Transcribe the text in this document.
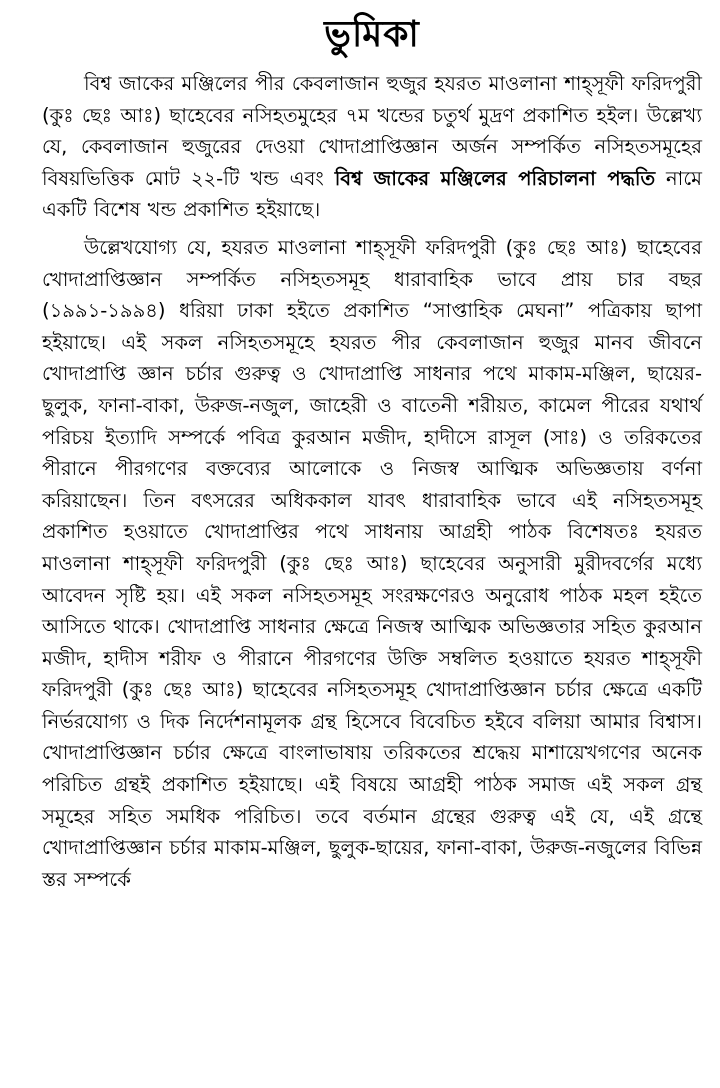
ভুমিকা

বিশ্ব জাকের মঞ্জিলের পীর কেবলাজান হুজুর হযরত মাওলানা শাহ্সূফী ফরিদপুরী (কুঃ ছেঃ আঃ) ছাহেবের নসিহতমুহের ৭ম খন্ডের চতুর্থ মুদ্রণ প্রকাশিত হইল। উল্লেখ্য যে, কেবলাজান হুজুরের দেওয়া খোদাপ্রাপ্তিজ্ঞান অর্জন সম্পর্কিত নসিহতসমূহের বিষয়ভিত্তিক মোট ২২-টি খন্ড এবং বিশ্ব জাকের মঞ্জিলের পরিচালনা পদ্ধতি নামে একটি বিশেষ খন্ড প্রকাশিত হইয়াছে।

উল্লেখযোগ্য যে, হযরত মাওলানা শাহ্সূফী ফরিদপুরী (কুঃ ছেঃ আঃ) ছাহেবের খোদাপ্রাপ্তিজ্ঞান সম্পর্কিত নসিহতসমূহ ধারাবাহিক ভাবে প্রায় চার বছর (১৯৯১-১৯৯৪) ধরিয়া ঢাকা হইতে প্রকাশিত “সাপ্তাহিক মেঘনা” পত্রিকায় ছাপা হইয়াছে। এই সকল নসিহতসমূহে হযরত পীর কেবলাজান হুজুর মানব জীবনে খোদাপ্রাপ্তি জ্ঞান চর্চার গুরুত্ব ও খোদাপ্রাপ্তি সাধনার পথে মাকাম-মঞ্জিল, ছায়ের-ছুলুক, ফানা-বাকা, উরুজ-নজুল, জাহেরী ও বাতেনী শরীয়ত, কামেল পীরের যথার্থ পরিচয় ইত্যাদি সম্পর্কে পবিত্র কুরআন মজীদ, হাদীসে রাসূল (সাঃ) ও তরিকতের পীরানে পীরগণের বক্তব্যের আলোকে ও নিজস্ব আত্মিক অভিজ্ঞতায় বর্ণনা করিয়াছেন। তিন বৎসরের অধিককাল যাবৎ ধারাবাহিক ভাবে এই নসিহতসমূহ প্রকাশিত হওয়াতে খোদাপ্রাপ্তির পথে সাধনায় আগ্রহী পাঠক বিশেষতঃ হযরত মাওলানা শাহ্সূফী ফরিদপুরী (কুঃ ছেঃ আঃ) ছাহেবের অনুসারী মুরীদবর্গের মধ্যে আবেদন সৃষ্টি হয়। এই সকল নসিহতসমূহ সংরক্ষণেরও অনুরোধ পাঠক মহল হইতে আসিতে থাকে। খোদাপ্রাপ্তি সাধনার ক্ষেত্রে নিজস্ব আত্মিক অভিজ্ঞতার সহিত কুরআন মজীদ, হাদীস শরীফ ও পীরানে পীরগণের উক্তি সম্বলিত হওয়াতে হযরত শাহ্সূফী ফরিদপুরী (কুঃ ছেঃ আঃ) ছাহেবের নসিহতসমূহ খোদাপ্রাপ্তিজ্ঞান চর্চার ক্ষেত্রে একটি নির্ভরযোগ্য ও দিক নির্দেশনামূলক গ্রন্থ হিসেবে বিবেচিত হইবে বলিয়া আমার বিশ্বাস। খোদাপ্রাপ্তিজ্ঞান চর্চার ক্ষেত্রে বাংলাভাষায় তরিকতের শ্রদ্ধেয় মাশায়েখগণের অনেক পরিচিত গ্রন্থই প্রকাশিত হইয়াছে। এই বিষয়ে আগ্রহী পাঠক সমাজ এই সকল গ্রন্থ সমূহের সহিত সমধিক পরিচিত। তবে বর্তমান গ্রন্থের গুরুত্ব এই যে, এই গ্রন্থে খোদাপ্রাপ্তিজ্ঞান চর্চার মাকাম-মঞ্জিল, ছুলুক-ছায়ের, ফানা-বাকা, উরুজ-নজুলের বিভিন্ন স্তর সম্পর্কে
